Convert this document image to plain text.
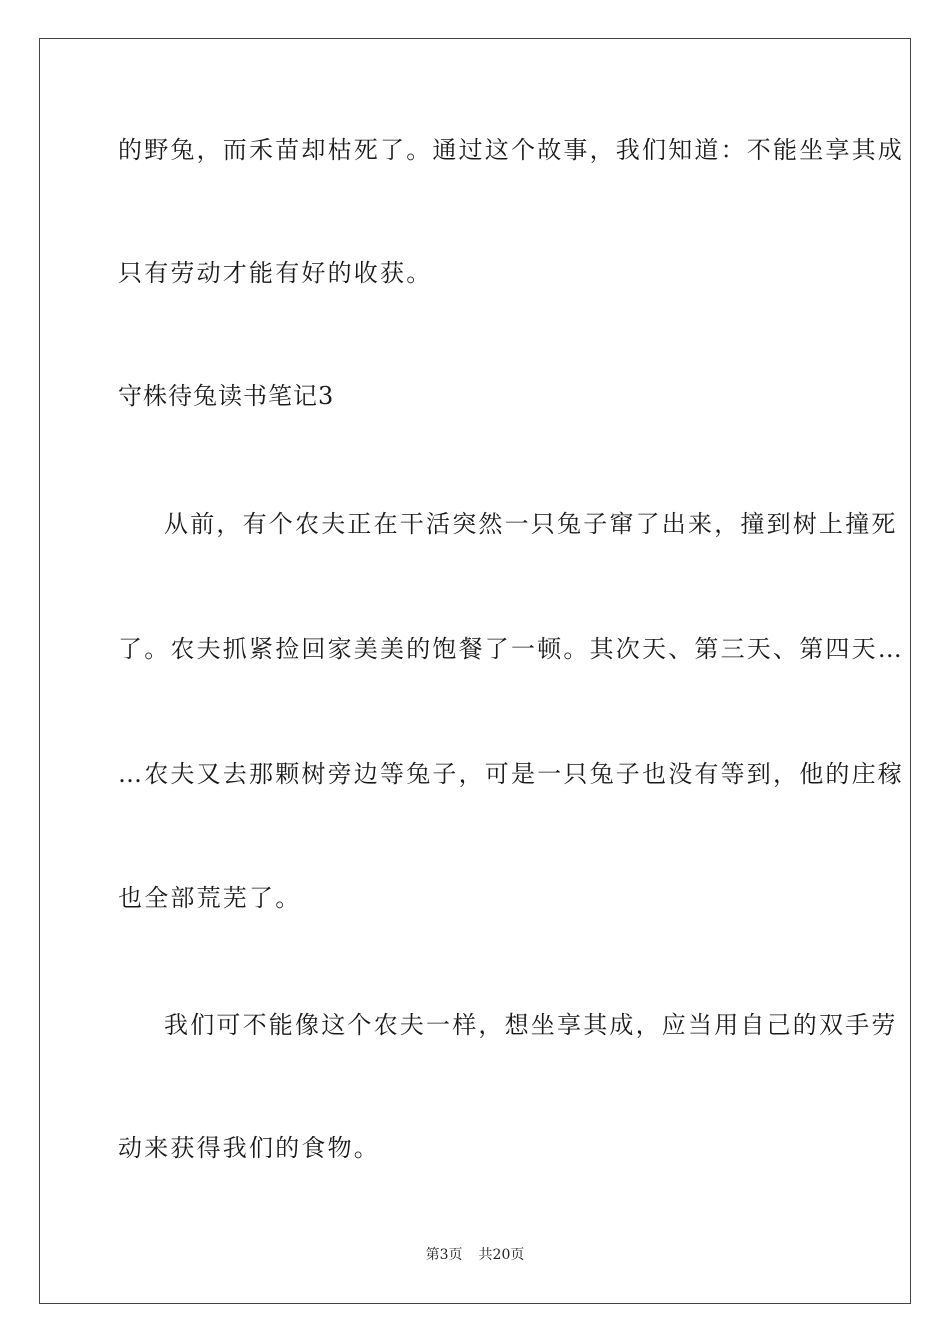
的野兔，而禾苗却枯死了。通过这个故事，我们知道：不能坐享其成
只有劳动才能有好的收获。
守株待兔读书笔记3
从前，有个农夫正在干活突然一只兔子窜了出来，撞到树上撞死
了。农夫抓紧捡回家美美的饱餐了一顿。其次天、第三天、第四天…
…农夫又去那颗树旁边等兔子，可是一只兔子也没有等到，他的庄稼
也全部荒芜了。
我们可不能像这个农夫一样，想坐享其成，应当用自己的双手劳
动来获得我们的食物。
第3页 共20页
